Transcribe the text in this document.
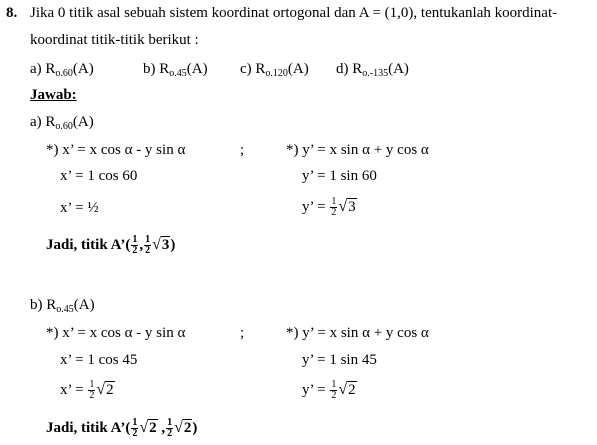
8. Jika 0 titik asal sebuah sistem koordinat ortogonal dan A = (1,0), tentukanlah koordinat-
koordinat titik-titik berikut :
a) $R_{o.60}(A)$	b) $R_{o.45}(A)$ c) $R_{o.120}(A)$ d) $R_{o.-135}(A)$
Jawab:
a) $R_{o.60}(A)$
*) x’ = x cos α - y sin α	;	*) y’ = x sin α + y cos α
x’ = 1 cos 60	y’ = 1 sin 60
x’ = ½	y’ = $\frac{1}{2} √3$
Jadi, titik A’( $\frac{1}{2}$ , $\frac{1}{2} √3$)
b) $R_{o.45}(A)$
*) x’ = x cos α - y sin α	;	*) y’ = x sin α + y cos α
x’ = 1 cos 45	y’ = 1 sin 45
x’ = $\frac{1}{2} √2$	y’ = $\frac{1}{2} √2$
Jadi, titik A’( $\frac{1}{2} √2$ , $\frac{1}{2} √2$)
